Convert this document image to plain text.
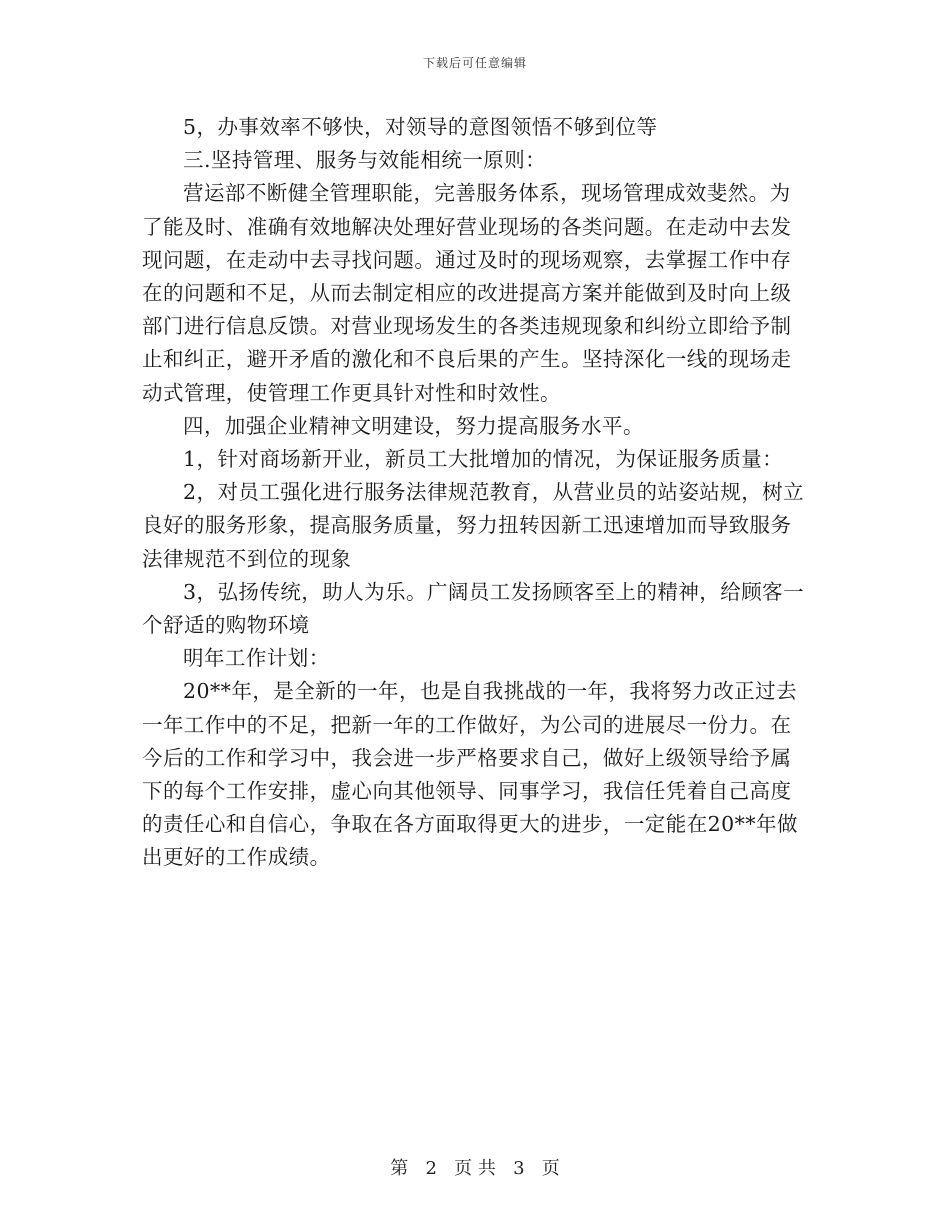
下载后可任意编辑

5，办事效率不够快，对领导的意图领悟不够到位等

三.坚持管理、服务与效能相统一原则：

营运部不断健全管理职能，完善服务体系，现场管理成效斐然。为了能及时、准确有效地解决处理好营业现场的各类问题。在走动中去发现问题，在走动中去寻找问题。通过及时的现场观察，去掌握工作中存在的问题和不足，从而去制定相应的改进提高方案并能做到及时向上级部门进行信息反馈。对营业现场发生的各类违规现象和纠纷立即给予制止和纠正，避开矛盾的激化和不良后果的产生。坚持深化一线的现场走动式管理，使管理工作更具针对性和时效性。

四，加强企业精神文明建设，努力提高服务水平。

1，针对商场新开业，新员工大批增加的情况，为保证服务质量：

2，对员工强化进行服务法律规范教育，从营业员的站姿站规，树立良好的服务形象，提高服务质量，努力扭转因新工迅速增加而导致服务法律规范不到位的现象

3，弘扬传统，助人为乐。广阔员工发扬顾客至上的精神，给顾客一个舒适的购物环境

明年工作计划：

20**年，是全新的一年，也是自我挑战的一年，我将努力改正过去一年工作中的不足，把新一年的工作做好，为公司的进展尽一份力。在今后的工作和学习中，我会进一步严格要求自己，做好上级领导给予属下的每个工作安排，虚心向其他领导、同事学习，我信任凭着自己高度的责任心和自信心，争取在各方面取得更大的进步，一定能在20**年做出更好的工作成绩。

第 2 页 共 3 页
